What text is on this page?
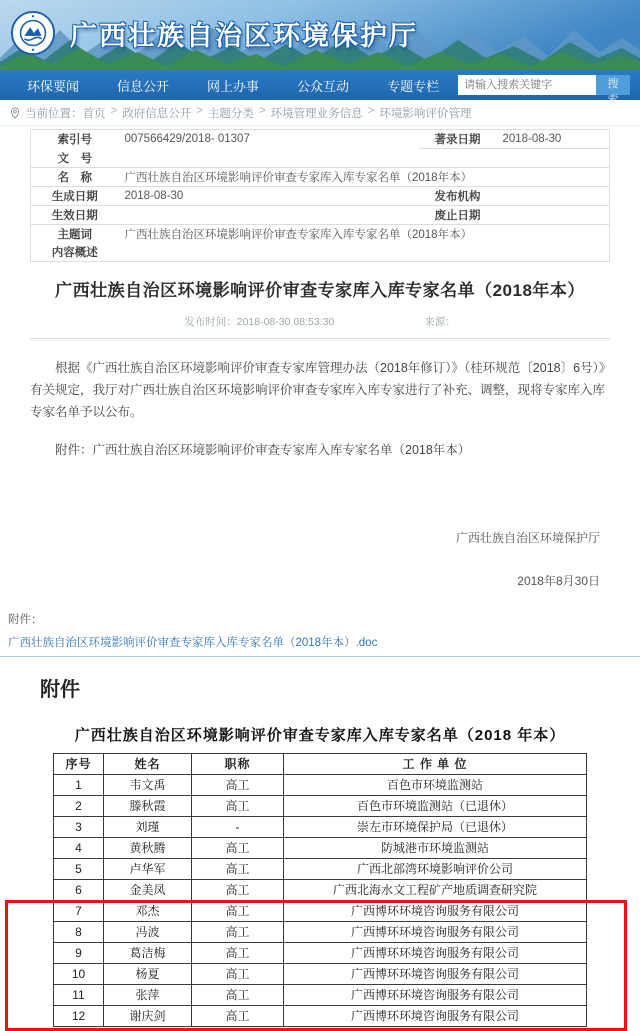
广西壮族自治区环境保护厅
环保要闻	信息公开	网上办事	公众互动	专题专栏
请输入搜索关键字	搜索
当前位置： 首页 > 政府信息公开 > 主题分类 > 环境管理业务信息 > 环境影响评价管理
索引号	007566429/2018- 01307	著录日期	2018-08-30
文　号			
名　称	广西壮族自治区环境影响评价审查专家库入库专家名单（2018年本）		
生成日期	2018-08-30	发布机构	
生效日期		废止日期	
主题词	广西壮族自治区环境影响评价审查专家库入库专家名单（2018年本）		
内容概述			
广西壮族自治区环境影响评价审查专家库入库专家名单（2018年本）
发布时间：2018-08-30 08:53:30	来源：

根据《广西壮族自治区环境影响评价审查专家库管理办法（2018年修订）》（桂环规范〔2018〕6号）》有关规定，我厅对广西壮族自治区环境影响评价审查专家库入库专家进行了补充、调整，现将专家库入库专家名单予以公布。

附件：广西壮族自治区环境影响评价审查专家库入库专家名单（2018年本）

广西壮族自治区环境保护厅
2018年8月30日
附件：
广西壮族自治区环境影响评价审查专家库入库专家名单（2018年本）.doc
附件
广西壮族自治区环境影响评价审查专家库入库专家名单（2018 年本）
序号	姓名	职称	工 作 单 位
1	韦文禹	高工	百色市环境监测站
2	滕秋霞	高工	百色市环境监测站（已退休）
3	刘瑾	-	崇左市环境保护局（已退休）
4	黄秋腾	高工	防城港市环境监测站
5	卢华军	高工	广西北部湾环境影响评价公司
6	金美凤	高工	广西北海水文工程矿产地质调查研究院
7	邓杰	高工	广西博环环境咨询服务有限公司
8	冯波	高工	广西博环环境咨询服务有限公司
9	葛洁梅	高工	广西博环环境咨询服务有限公司
10	杨夏	高工	广西博环环境咨询服务有限公司
11	张萍	高工	广西博环环境咨询服务有限公司
12	谢庆剑	高工	广西博环环境咨询服务有限公司
